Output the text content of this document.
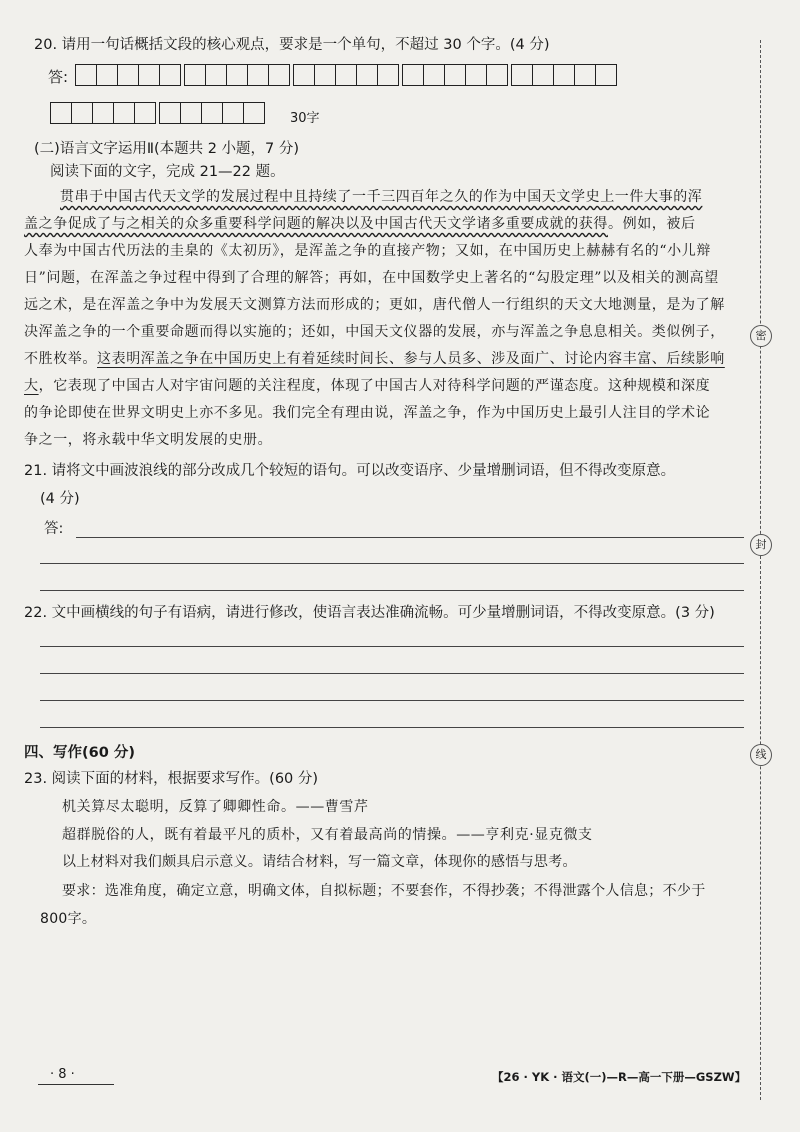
20. 请用一句话概括文段的核心观点，要求是一个单句，不超过 30 个字。(4 分)
答:
30字
(二)语言文字运用Ⅱ(本题共 2 小题，7 分)
阅读下面的文字，完成 21—22 题。
贯串于中国古代天文学的发展过程中且持续了一千三四百年之久的作为中国天文学史上一件大事的浑
盖之争促成了与之相关的众多重要科学问题的解决以及中国古代天文学诸多重要成就的获得。例如，被后
人奉为中国古代历法的圭臬的《太初历》，是浑盖之争的直接产物；又如，在中国历史上赫赫有名的“小儿辩
日”问题，在浑盖之争过程中得到了合理的解答；再如，在中国数学史上著名的“勾股定理”以及相关的测高望
远之术，是在浑盖之争中为发展天文测算方法而形成的；更如，唐代僧人一行组织的天文大地测量，是为了解
决浑盖之争的一个重要命题而得以实施的；还如，中国天文仪器的发展，亦与浑盖之争息息相关。类似例子，
不胜枚举。这表明浑盖之争在中国历史上有着延续时间长、参与人员多、涉及面广、讨论内容丰富、后续影响
大，它表现了中国古人对宇宙问题的关注程度，体现了中国古人对待科学问题的严谨态度。这种规模和深度
的争论即使在世界文明史上亦不多见。我们完全有理由说，浑盖之争，作为中国历史上最引人注目的学术论
争之一，将永载中华文明发展的史册。
21. 请将文中画波浪线的部分改成几个较短的语句。可以改变语序、少量增删词语，但不得改变原意。
(4 分)
答:
22. 文中画横线的句子有语病，请进行修改，使语言表达准确流畅。可少量增删词语，不得改变原意。(3 分)
四、写作(60 分)
23. 阅读下面的材料，根据要求写作。(60 分)
机关算尽太聪明，反算了卿卿性命。——曹雪芹
超群脱俗的人，既有着最平凡的质朴，又有着最高尚的情操。——亨利克·显克微支
以上材料对我们颇具启示意义。请结合材料，写一篇文章，体现你的感悟与思考。
要求：选准角度，确定立意，明确文体，自拟标题；不要套作，不得抄袭；不得泄露个人信息；不少于
800字。
密
封
线
· 8 ·	【26 · YK · 语文(一)—R—高一下册—GSZW】
